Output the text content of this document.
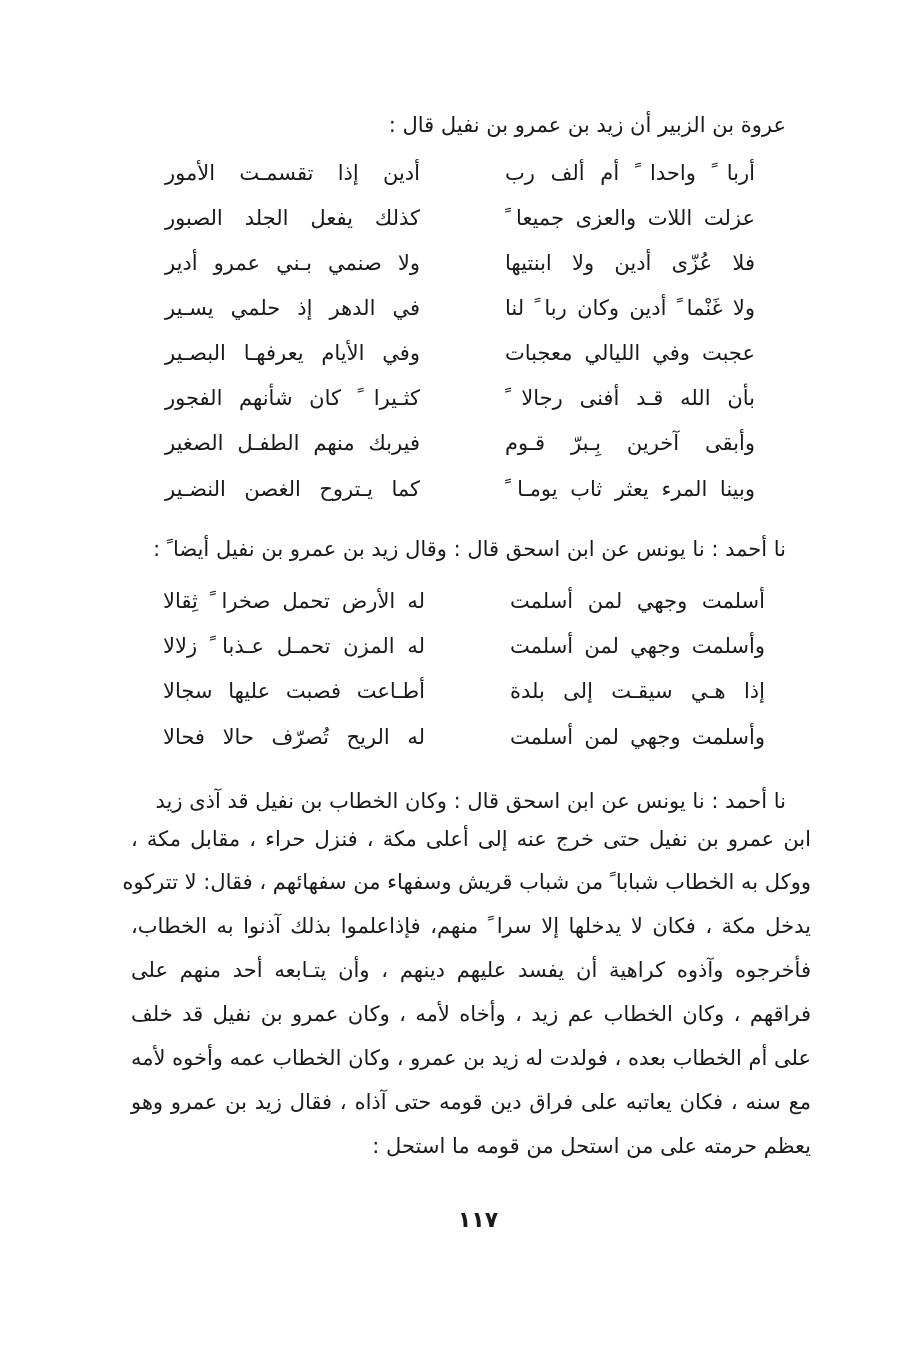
عروة بن الزبير أن زيد بن عمرو بن نفيل قال :
أربا ً واحدا ً أم ألف رب
أدين إذا تقسمـت الأمور
عزلت اللات والعزى جميعا ً
كذلك يفعل الجلد الصبور
فلا عُزّى أدين ولا ابنتيها
ولا صنمي بـني عمرو أدير
ولا غَنْما ً أدين وكان ربا ً لنا
في الدهر إذ حلمي يسـير
عجبت وفي الليالي معجبات
وفي الأيام يعرفهـا البصـير
بأن الله قـد أفنى رجالا ً
كثـيرا ً كان شأنهم الفجور
وأبقى آخرين بِـبرّ قـوم
فيربك منهم الطفـل الصغير
وبينا المرء يعثر ثاب يومـا ً
كما يـتروح الغصن النضـير
نا أحمد : نا يونس عن ابن اسحق قال : وقال زيد بن عمرو بن نفيل أيضا ً :
أسلمت وجهي لمن أسلمت
له الأرض تحمل صخرا ً ثِقالا
وأسلمت وجهي لمن أسلمت
له المزن تحمـل عـذبا ً زلالا
إذا هـي سيقـت إلى بلدة
أطـاعت فصبت عليها سجالا
وأسلمت وجهي لمن أسلمت
له الريح تُصرّف حالا فحالا
نا أحمد : نا يونس عن ابن اسحق قال : وكان الخطاب بن نفيل قد آذى زيد
ابن عمرو بن نفيل حتى خرج عنه إلى أعلى مكة ، فنزل حراء ، مقابل مكة ،
ووكل به الخطاب شبابا ً من شباب قريش وسفهاء من سفهائهم ، فقال: لا تتركوه
يدخل مكة ، فكان لا يدخلها إلا سرا ً منهم، فإذاعلموا بذلك آذنوا به الخطاب،
فأخرجوه وآذوه كراهية أن يفسد عليهم دينهم ، وأن يتـابعه أحد منهم على
فراقهم ، وكان الخطاب عم زيد ، وأخاه لأمه ، وكان عمرو بن نفيل قد خلف
على أم الخطاب بعده ، فولدت له زيد بن عمرو ، وكان الخطاب عمه وأخوه لأمه
مع سنه ، فكان يعاتبه على فراق دين قومه حتى آذاه ، فقال زيد بن عمرو وهو
يعظم حرمته على من استحل من قومه ما استحل :
١١٧
